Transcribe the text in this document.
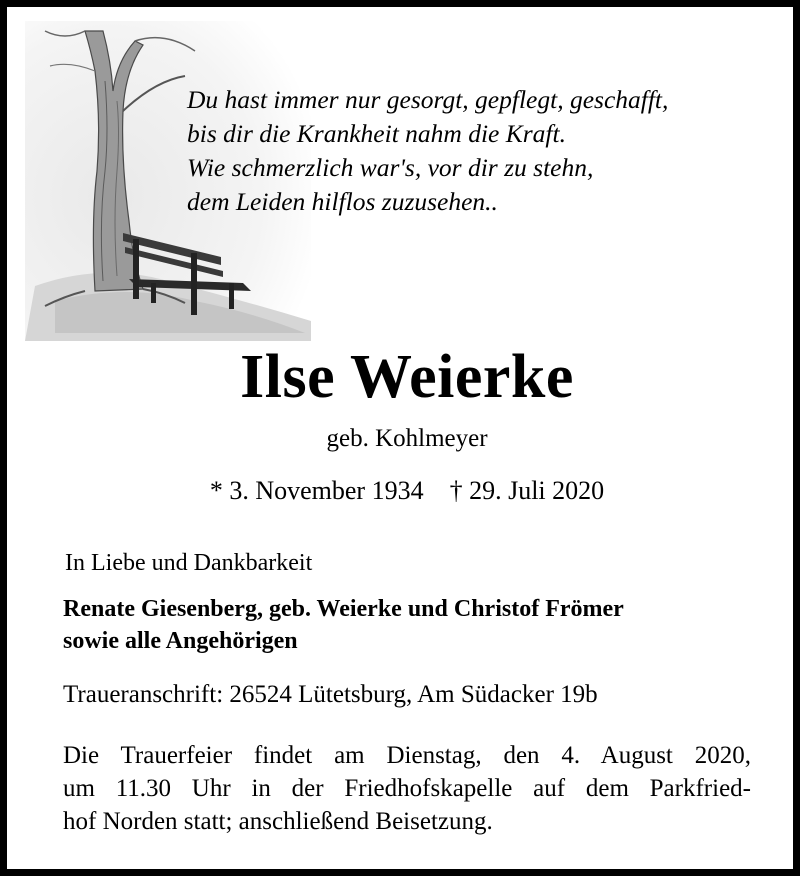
Du hast immer nur gesorgt, gepflegt, geschafft,
bis dir die Krankheit nahm die Kraft.
Wie schmerzlich war's, vor dir zu stehn,
dem Leiden hilflos zuzusehen..
Ilse Weierke
geb. Kohlmeyer
* 3. November 1934 † 29. Juli 2020
In Liebe und Dankbarkeit
Renate Giesenberg, geb. Weierke und Christof Frömer
sowie alle Angehörigen
Traueranschrift: 26524 Lütetsburg, Am Südacker 19b
Die Trauerfeier findet am Dienstag, den 4. August 2020,
um 11.30 Uhr in der Friedhofskapelle auf dem Parkfried-
hof Norden statt; anschließend Beisetzung.
